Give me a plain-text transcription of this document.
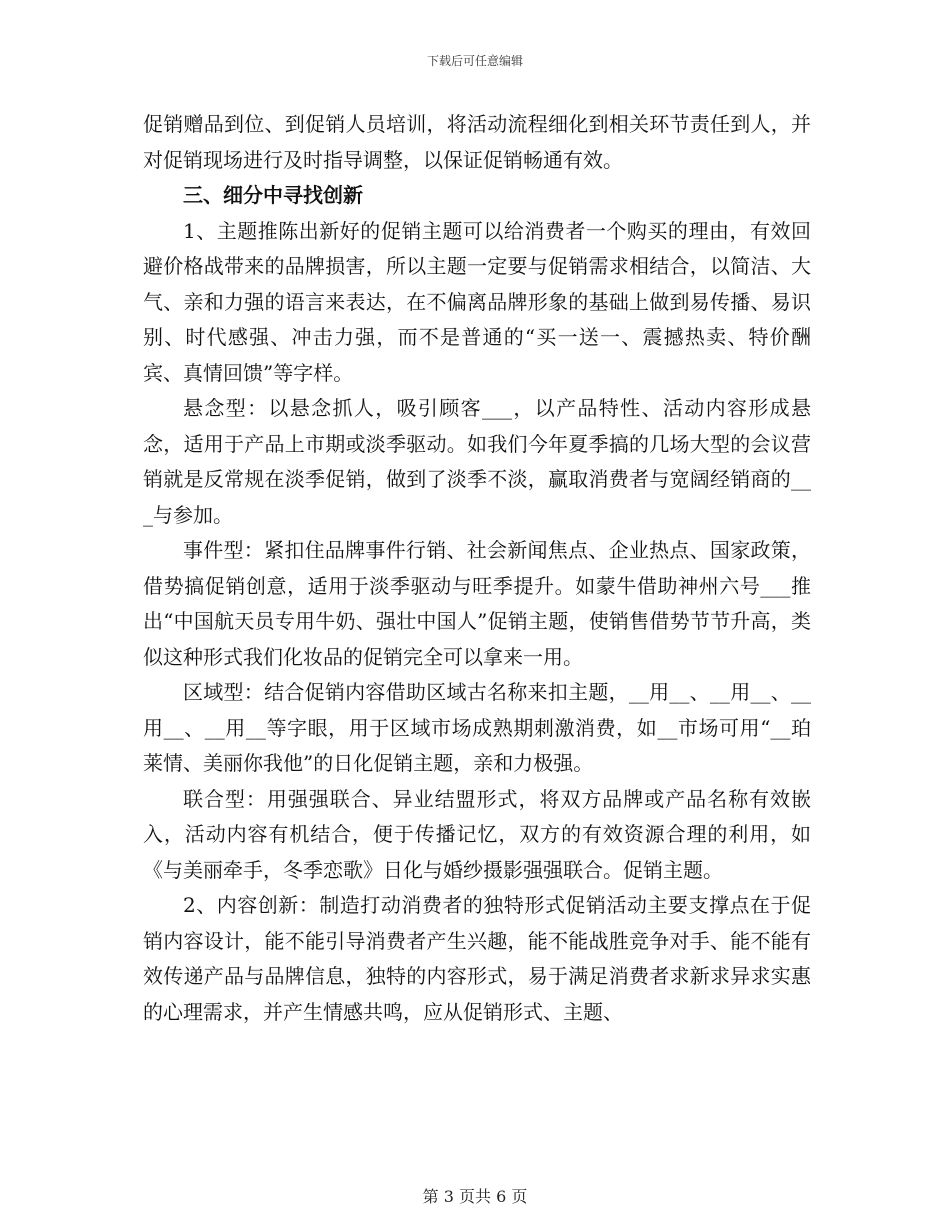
下载后可任意编辑

促销赠品到位、到促销人员培训，将活动流程细化到相关环节责任到人，并对促销现场进行及时指导调整，以保证促销畅通有效。

三、细分中寻找创新

1、主题推陈出新好的促销主题可以给消费者一个购买的理由，有效回避价格战带来的品牌损害，所以主题一定要与促销需求相结合，以简洁、大气、亲和力强的语言来表达，在不偏离品牌形象的基础上做到易传播、易识别、时代感强、冲击力强，而不是普通的“买一送一、震撼热卖、特价酬宾、真情回馈”等字样。

悬念型：以悬念抓人，吸引顾客___，以产品特性、活动内容形成悬念，适用于产品上市期或淡季驱动。如我们今年夏季搞的几场大型的会议营销就是反常规在淡季促销，做到了淡季不淡，赢取消费者与宽阔经销商的___与参加。

事件型：紧扣住品牌事件行销、社会新闻焦点、企业热点、国家政策，借势搞促销创意，适用于淡季驱动与旺季提升。如蒙牛借助神州六号___推出“中国航天员专用牛奶、强壮中国人”促销主题，使销售借势节节升高，类似这种形式我们化妆品的促销完全可以拿来一用。

区域型：结合促销内容借助区域古名称来扣主题，__用__、__用__、__用__、__用__等字眼，用于区域市场成熟期刺激消费，如__市场可用“__珀莱情、美丽你我他”的日化促销主题，亲和力极强。

联合型：用强强联合、异业结盟形式，将双方品牌或产品名称有效嵌入，活动内容有机结合，便于传播记忆，双方的有效资源合理的利用，如《与美丽牵手，冬季恋歌》日化与婚纱摄影强强联合。促销主题。

2、内容创新：制造打动消费者的独特形式促销活动主要支撑点在于促销内容设计，能不能引导消费者产生兴趣，能不能战胜竞争对手、能不能有效传递产品与品牌信息，独特的内容形式，易于满足消费者求新求异求实惠的心理需求，并产生情感共鸣，应从促销形式、主题、

第 3 页共 6 页
